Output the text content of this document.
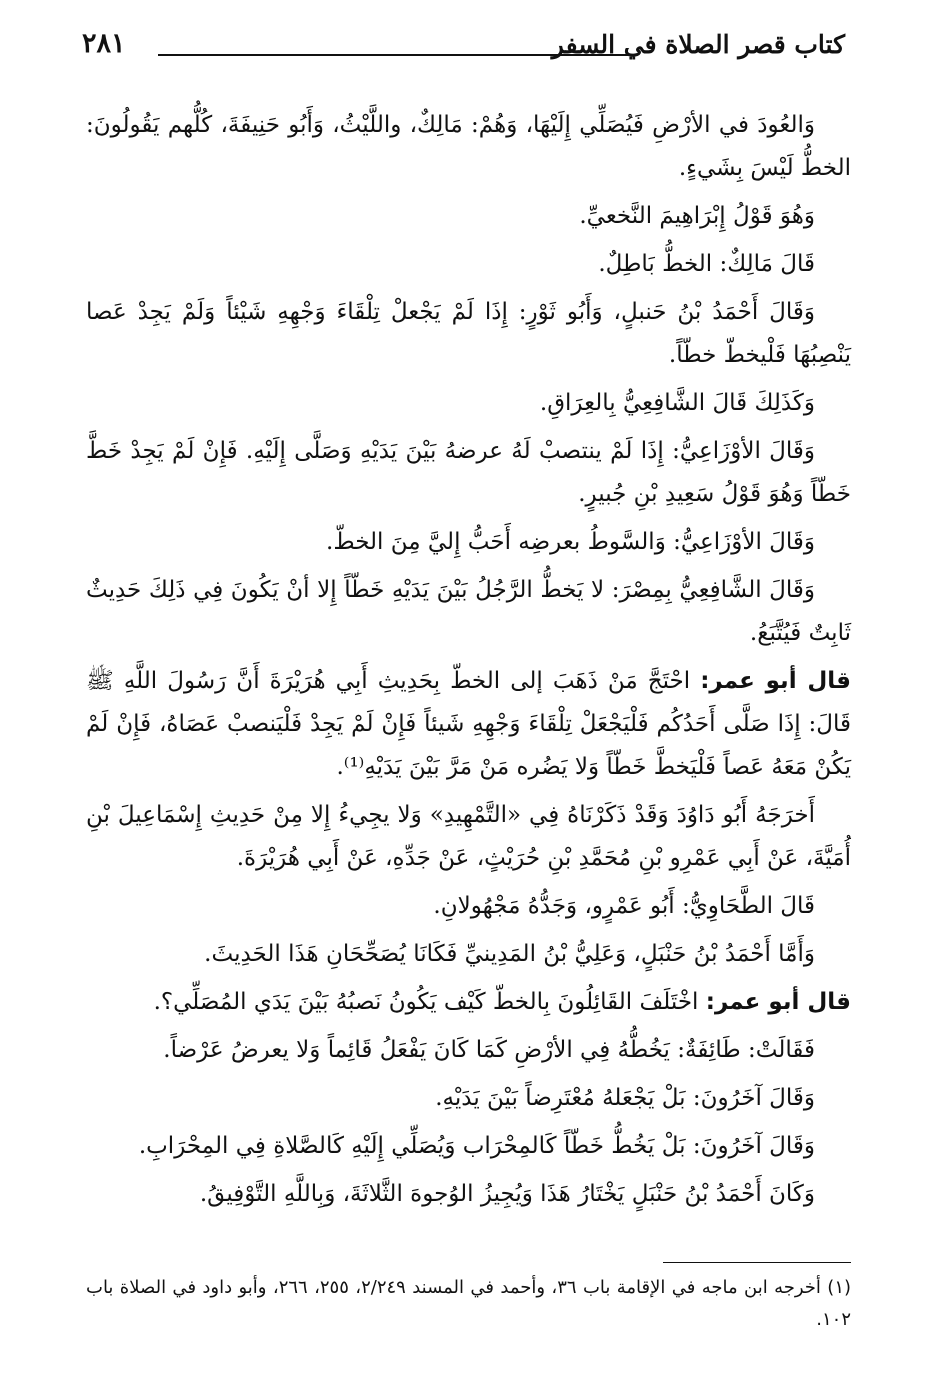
كتاب قصر الصلاة في السفر
٢٨١

وَالعُودَ في الأرْضِ فَيُصَلِّي إِلَيْهَا، وَهُمْ: مَالِكٌ، واللَّيْثُ، وَأَبُو حَنِيفَةَ، كُلُّهم يَقُولُونَ: الخطُّ لَيْسَ بِشَيءٍ.

وَهُوَ قَوْلُ إِبْرَاهِيمَ النَّخعيِّ.

قَالَ مَالِكٌ: الخطُّ بَاطِلٌ.

وَقَالَ أَحْمَدُ بْنُ حَنبلٍ، وَأَبُو ثَوْرٍ: إِذَا لَمْ يَجْعلْ تِلْقَاءَ وَجْهِهِ شَيْئاً وَلَمْ يَجِدْ عَصا يَنْصِبُهَا فَلْيخطّ خطّاً.

وَكَذَلِكَ قَالَ الشَّافِعِيُّ بِالعِرَاقِ.

وَقَالَ الأوْزَاعِيُّ: إِذَا لَمْ ينتصبْ لَهُ عرضهُ بَيْنَ يَدَيْهِ وَصَلَّى إِلَيْهِ. فَإِنْ لَمْ يَجِدْ خَطَّ خَطّاً وَهُوَ قَوْلُ سَعِيدِ بْنِ جُبيرٍ.

وَقَالَ الأوْزَاعِيُّ: وَالسَّوطُ بعرضِه أَحَبُّ إِليَّ مِنَ الخطّ.

وَقَالَ الشَّافِعِيُّ بِمِصْرَ: لا يَخطُّ الرَّجُلُ بَيْنَ يَدَيْهِ خَطّاً إِلا أنْ يَكُونَ فِي ذَلِكَ حَدِيثٌ ثَابِتٌ فَيُتَّبَعُ.

قال أبو عمر: احْتَجَّ مَنْ ذَهَبَ إلى الخطّ بِحَدِيثِ أَبِي هُرَيْرَةَ أَنَّ رَسُولَ اللَّهِ ﷺ قَالَ: إِذَا صَلَّى أَحَدُكُم فَلْيَجْعَلْ تِلْقَاءَ وَجْهِهِ شَيئاً فَإِنْ لَمْ يَجِدْ فَلْيَنصبْ عَصَاهُ، فَإِنْ لَمْ يَكُنْ مَعَهُ عَصاً فَلْيَخطَّ خَطّاً وَلا يَضُره مَنْ مَرَّ بَيْنَ يَدَيْهِ⁽¹⁾.

أَخرَجَهُ أَبُو دَاوُدَ وَقَدْ ذَكَرْنَاهُ فِي «التَّمْهِيدِ» وَلا يجِيءُ إِلا مِنْ حَدِيثِ إِسْمَاعِيلَ بْنِ أُمَيَّةَ، عَنْ أَبِي عَمْرِو بْنِ مُحَمَّدِ بْنِ حُرَيْثٍ، عَنْ جَدِّهِ، عَنْ أَبِي هُرَيْرَةَ.

قَالَ الطَّحَاوِيُّ: أَبُو عَمْرٍو، وَجَدُّهُ مَجْهُولانِ.

وَأَمَّا أَحْمَدُ بْنُ حَنْبَلٍ، وَعَلِيُّ بْنُ المَدِينيِّ فَكَانَا يُصَحِّحَانِ هَذَا الحَدِيثَ.

قال أبو عمر: اخْتَلَفَ القَائِلُونَ بِالخطّ كَيْف يَكُونُ نَصبُهُ بَيْنَ يَدَي المُصَلِّي؟.

فَقَالَتْ: طَائِفَةٌ: يَخُطُّهُ فِي الأرْضِ كَمَا كَانَ يَفْعَلُ قَائِماً وَلا يعرضُ عَرْضاً.

وَقَالَ آخَرُونَ: بَلْ يَجْعَلهُ مُعْتَرِضاً بَيْنَ يَدَيْهِ.

وَقَالَ آخَرُونَ: بَلْ يَخُطُّ خَطّاً كَالمِحْرَاب وَيُصَلِّي إِلَيْهِ كَالصَّلاةِ فِي المِحْرَابِ.

وَكَانَ أَحْمَدُ بْنُ حَنْبَلٍ يَخْتَارُ هَذَا وَيُجِيزُ الوُجوهَ الثَّلاثَةَ، وَبِاللَّهِ التَّوْفِيقُ.

(١) أخرجه ابن ماجه في الإقامة باب ٣٦، وأحمد في المسند ٢/٢٤٩، ٢٥٥، ٢٦٦، وأبو داود في الصلاة باب ١٠٢.
